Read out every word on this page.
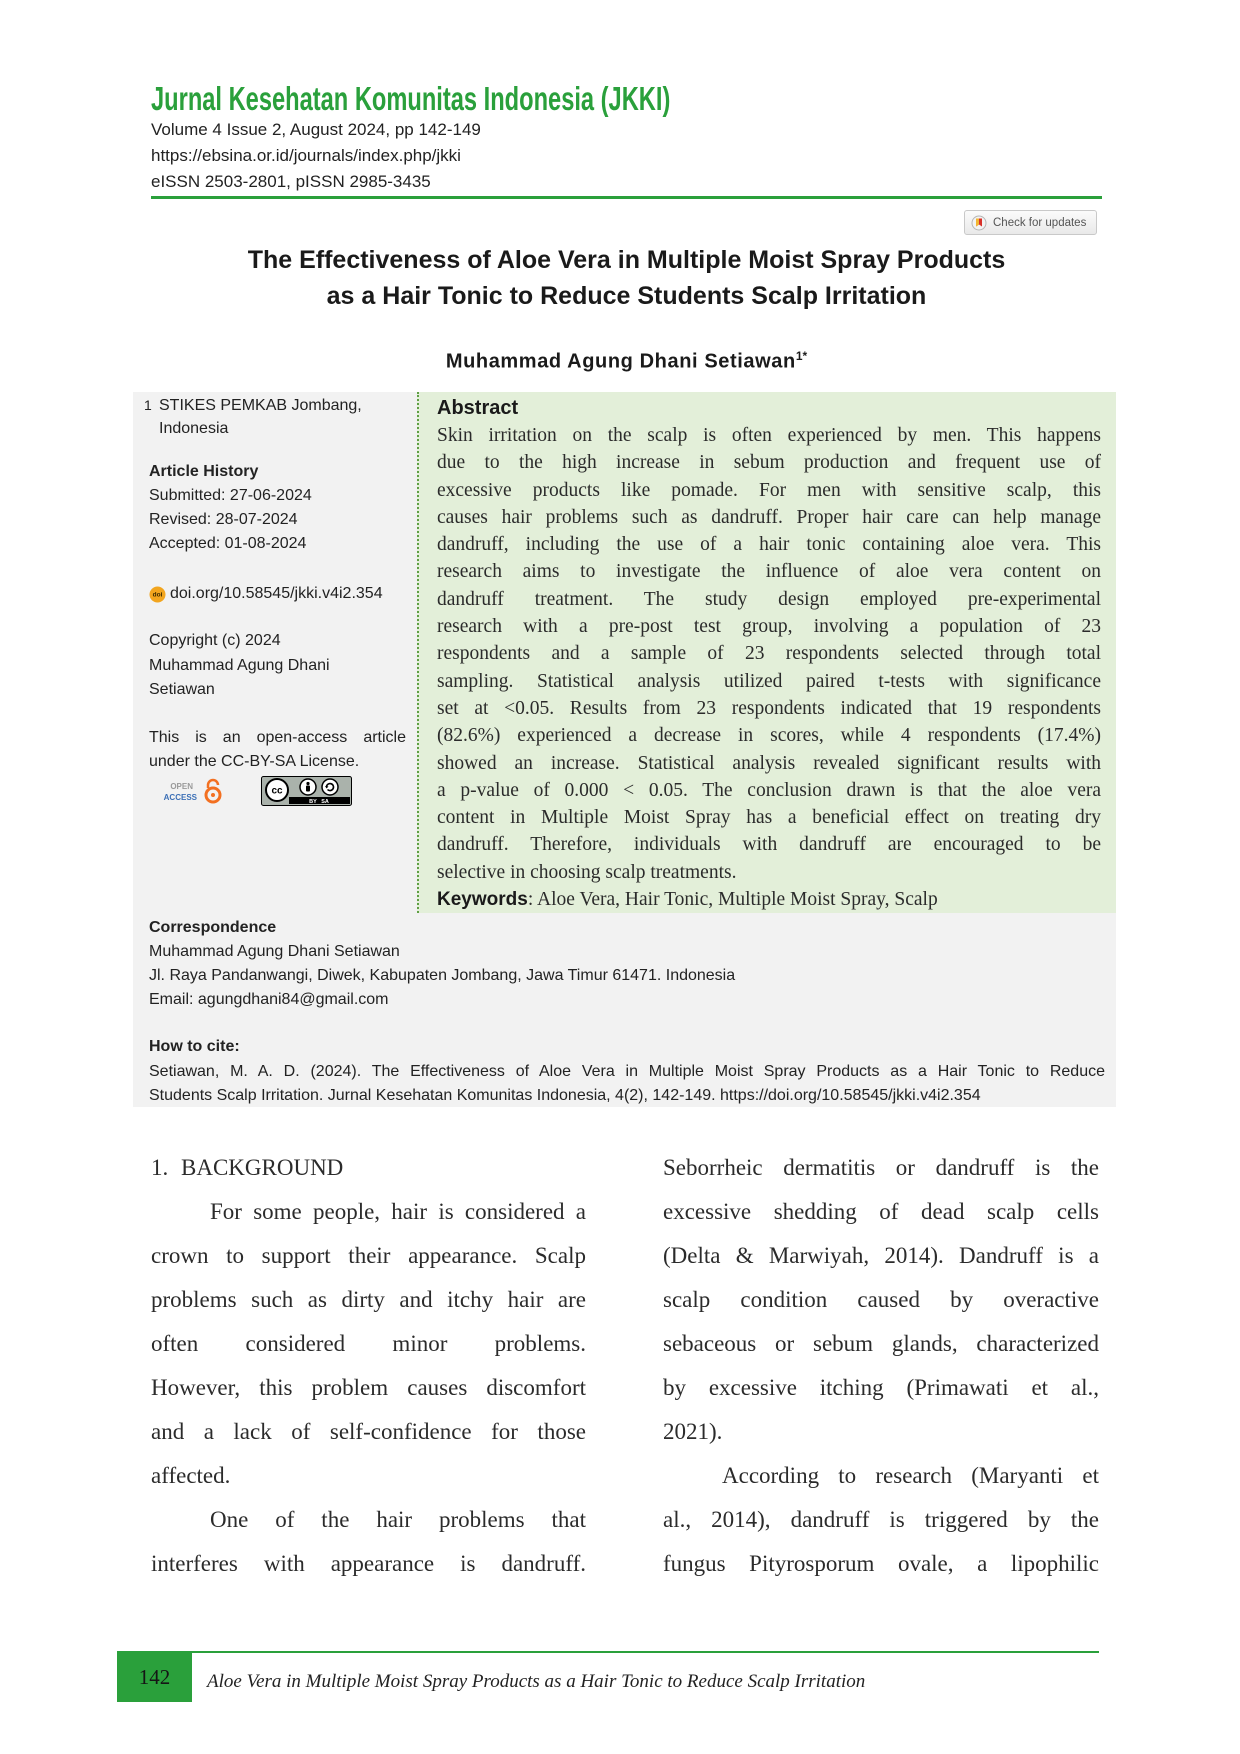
Jurnal Kesehatan Komunitas Indonesia (JKKI)
Volume 4 Issue 2, August 2024, pp 142-149
https://ebsina.or.id/journals/index.php/jkki
eISSN 2503-2801, pISSN 2985-3435
Check for updates
The Effectiveness of Aloe Vera in Multiple Moist Spray Products
as a Hair Tonic to Reduce Students Scalp Irritation
Muhammad Agung Dhani Setiawan$^{1*}$
1 STIKES PEMKAB Jombang,
Indonesia
Article History
Submitted: 27-06-2024
Revised: 28-07-2024
Accepted: 01-08-2024
doi doi.org/10.58545/jkki.v4i2.354
Copyright (c) 2024
Muhammad Agung Dhani
Setiawan
This is an open-access article
under the CC-BY-SA License.
OPEN
ACCESS
cc
BY   SA
Abstract
Skin irritation on the scalp is often experienced by men. This happens
due to the high increase in sebum production and frequent use of
excessive products like pomade. For men with sensitive scalp, this
causes hair problems such as dandruff. Proper hair care can help manage
dandruff, including the use of a hair tonic containing aloe vera. This
research aims to investigate the influence of aloe vera content on
dandruff treatment. The study design employed pre-experimental
research with a pre-post test group, involving a population of 23
respondents and a sample of 23 respondents selected through total
sampling. Statistical analysis utilized paired t-tests with significance
set at <0.05. Results from 23 respondents indicated that 19 respondents
(82.6%) experienced a decrease in scores, while 4 respondents (17.4%)
showed an increase. Statistical analysis revealed significant results with
a p-value of 0.000 < 0.05. The conclusion drawn is that the aloe vera
content in Multiple Moist Spray has a beneficial effect on treating dry
dandruff. Therefore, individuals with dandruff are encouraged to be
selective in choosing scalp treatments.
Keywords: Aloe Vera, Hair Tonic, Multiple Moist Spray, Scalp
Correspondence
Muhammad Agung Dhani Setiawan
Jl. Raya Pandanwangi, Diwek, Kabupaten Jombang, Jawa Timur 61471. Indonesia
Email: agungdhani84@gmail.com
How to cite:
Setiawan, M. A. D. (2024). The Effectiveness of Aloe Vera in Multiple Moist Spray Products as a Hair Tonic to Reduce
Students Scalp Irritation. Jurnal Kesehatan Komunitas Indonesia, 4(2), 142-149. https://doi.org/10.58545/jkki.v4i2.354
1. BACKGROUND
For some people, hair is considered a
crown to support their appearance. Scalp
problems such as dirty and itchy hair are
often considered minor problems.
However, this problem causes discomfort
and a lack of self-confidence for those
affected.
One of the hair problems that
interferes with appearance is dandruff.
Seborrheic dermatitis or dandruff is the
excessive shedding of dead scalp cells
(Delta & Marwiyah, 2014). Dandruff is a
scalp condition caused by overactive
sebaceous or sebum glands, characterized
by excessive itching (Primawati et al.,
2021).
According to research (Maryanti et
al., 2014), dandruff is triggered by the
fungus Pityrosporum ovale, a lipophilic
142	Aloe Vera in Multiple Moist Spray Products as a Hair Tonic to Reduce Scalp Irritation
